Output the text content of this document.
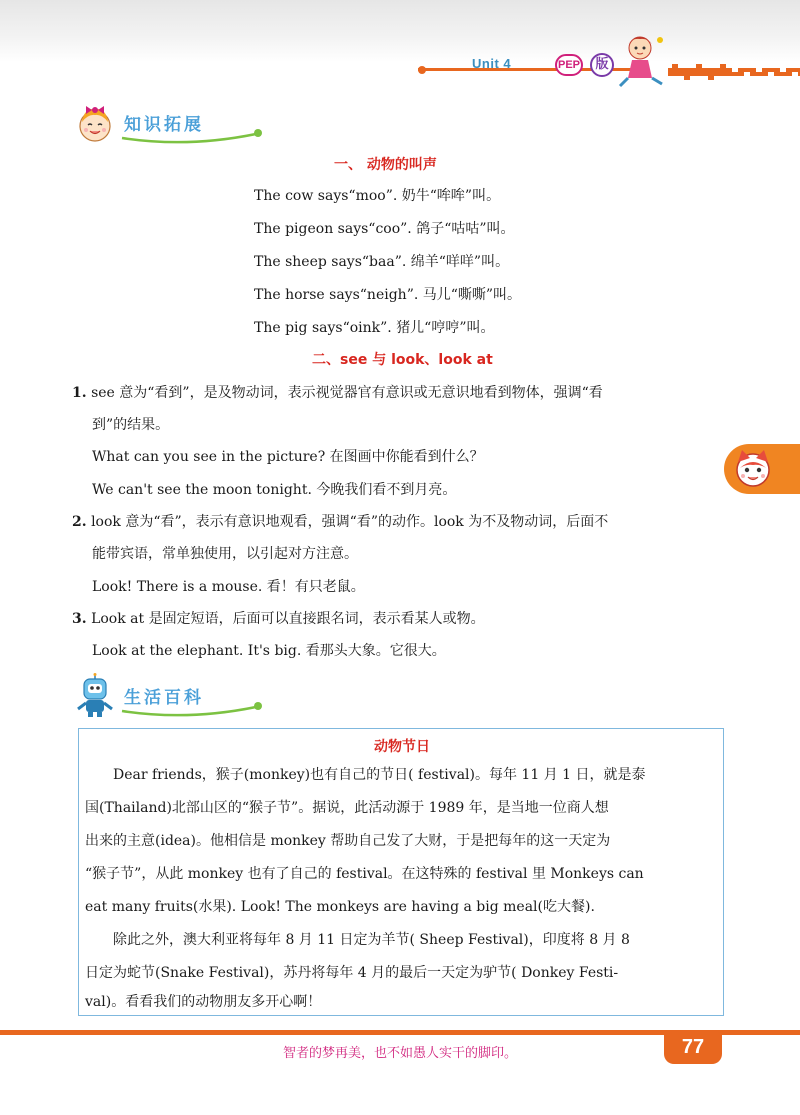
Unit 4	PEP	版
知识拓展
一、 动物的叫声
The cow says“moo”. 奶牛“哞哞”叫。
The pigeon says“coo”. 鸽子“咕咕”叫。
The sheep says“baa”. 绵羊“咩咩”叫。
The horse says“neigh”. 马儿“嘶嘶”叫。
The pig says“oink”. 猪儿“哼哼”叫。
二、see 与 look、look at
1. see 意为“看到”，是及物动词，表示视觉器官有意识或无意识地看到物体，强调“看
到”的结果。
What can you see in the picture? 在图画中你能看到什么？
We can't see the moon tonight. 今晚我们看不到月亮。
2. look 意为“看”，表示有意识地观看，强调“看”的动作。look 为不及物动词，后面不
能带宾语，常单独使用，以引起对方注意。
Look! There is a mouse. 看！有只老鼠。
3. Look at 是固定短语，后面可以直接跟名词，表示看某人或物。
Look at the elephant. It's big. 看那头大象。它很大。
生活百科
动物节日
　　Dear friends，猴子(monkey)也有自己的节日( festival)。每年 11 月 1 日，就是泰
国(Thailand)北部山区的“猴子节”。据说，此活动源于 1989 年，是当地一位商人想
出来的主意(idea)。他相信是 monkey 帮助自己发了大财，于是把每年的这一天定为
“猴子节”，从此 monkey 也有了自己的 festival。在这特殊的 festival 里 Monkeys can
eat many fruits(水果). Look! The monkeys are having a big meal(吃大餐).
　　除此之外，澳大利亚将每年 8 月 11 日定为羊节( Sheep Festival)，印度将 8 月 8
日定为蛇节(Snake Festival)，苏丹将每年 4 月的最后一天定为驴节( Donkey Festi-
val)。看看我们的动物朋友多开心啊！
77
智者的梦再美，也不如愚人实干的脚印。
